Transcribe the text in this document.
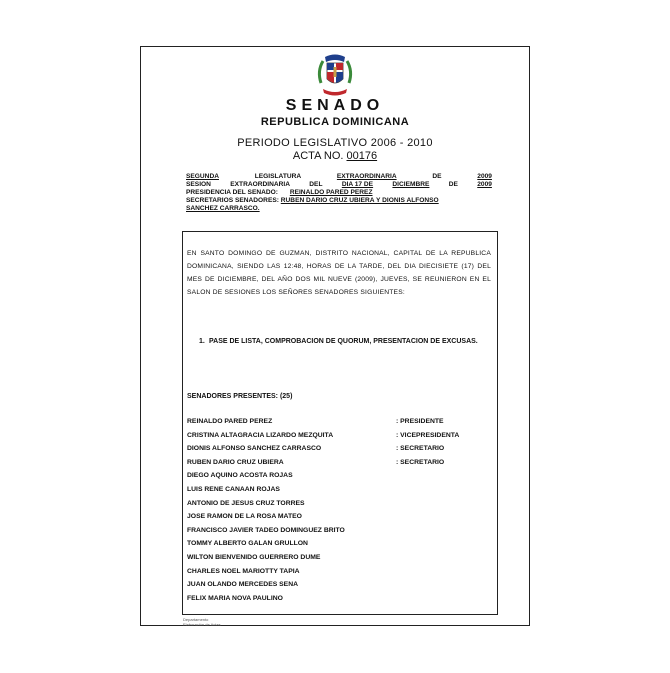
SENADO
REPUBLICA DOMINICANA
PERIODO LEGISLATIVO 2006 - 2010
ACTA NO. 00176
SEGUNDA	LEGISLATURA	EXTRAORDINARIA	DE	2009
SESION	EXTRAORDINARIA	DEL	DIA 17 DE	DICIEMBRE	DE	2009
PRESIDENCIA DEL SENADO: REINALDO PARED PEREZ
SECRETARIOS SENADORES: RUBEN DARIO CRUZ UBIERA Y DIONIS ALFONSO
SANCHEZ CARRASCO.
EN SANTO DOMINGO DE GUZMAN, DISTRITO NACIONAL, CAPITAL DE LA REPUBLICA DOMINICANA, SIENDO LAS 12:48, HORAS DE LA TARDE, DEL DIA DIECISIETE (17) DEL MES DE DICIEMBRE, DEL AÑO DOS MIL NUEVE (2009), JUEVES, SE REUNIERON EN EL SALON DE SESIONES LOS SEÑORES SENADORES SIGUIENTES:
1. PASE DE LISTA, COMPROBACION DE QUORUM, PRESENTACION DE EXCUSAS.
SENADORES PRESENTES: (25)
REINALDO PARED PEREZ	: PRESIDENTE
CRISTINA ALTAGRACIA LIZARDO MEZQUITA	: VICEPRESIDENTA
DIONIS ALFONSO SANCHEZ CARRASCO	: SECRETARIO
RUBEN DARIO CRUZ UBIERA	: SECRETARIO
DIEGO AQUINO ACOSTA ROJAS
LUIS RENE CANAAN ROJAS
ANTONIO DE JESUS CRUZ TORRES
JOSE RAMON DE LA ROSA MATEO
FRANCISCO JAVIER TADEO DOMINGUEZ BRITO
TOMMY ALBERTO GALAN GRULLON
WILTON BIENVENIDO GUERRERO DUME
CHARLES NOEL MARIOTTY TAPIA
JUAN OLANDO MERCEDES SENA
FELIX MARIA NOVA PAULINO
Departamento
Elaboración de Actas
